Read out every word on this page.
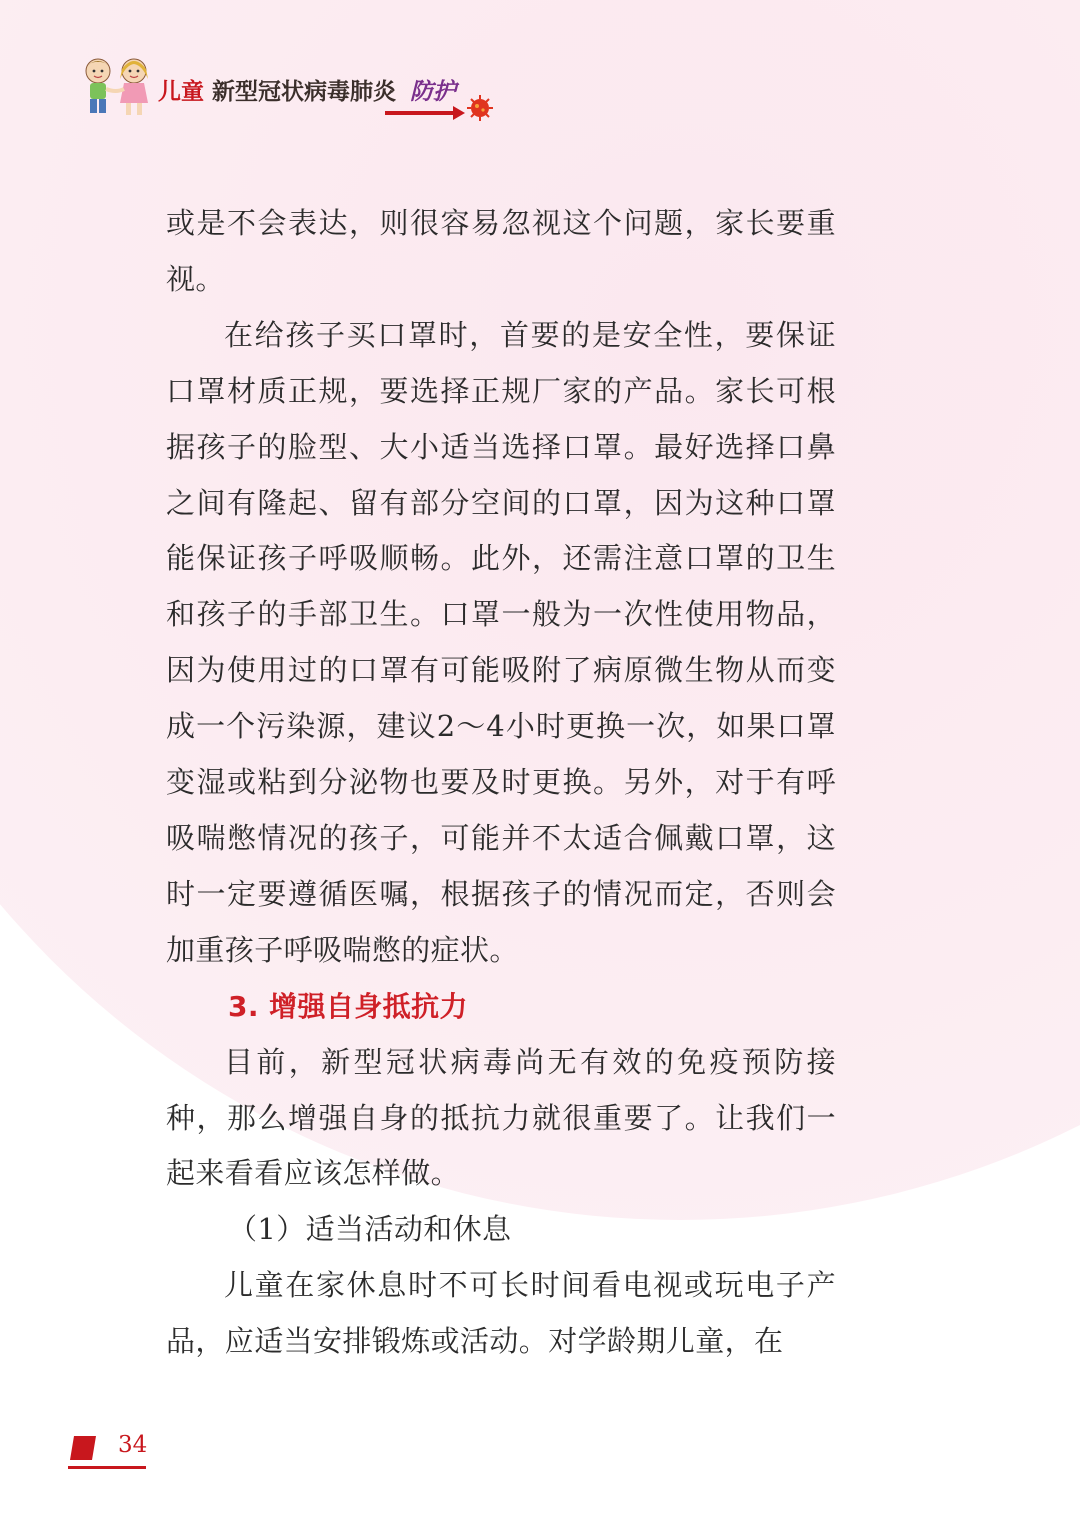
儿童 新型冠状病毒肺炎 防护

或是不会表达，则很容易忽视这个问题，家长要重视。

在给孩子买口罩时，首要的是安全性，要保证口罩材质正规，要选择正规厂家的产品。家长可根据孩子的脸型、大小适当选择口罩。最好选择口鼻之间有隆起、留有部分空间的口罩，因为这种口罩能保证孩子呼吸顺畅。此外，还需注意口罩的卫生和孩子的手部卫生。口罩一般为一次性使用物品，因为使用过的口罩有可能吸附了病原微生物从而变成一个污染源，建议2～4小时更换一次，如果口罩变湿或粘到分泌物也要及时更换。另外，对于有呼吸喘憋情况的孩子，可能并不太适合佩戴口罩，这时一定要遵循医嘱，根据孩子的情况而定，否则会加重孩子呼吸喘憋的症状。

3. 增强自身抵抗力

目前，新型冠状病毒尚无有效的免疫预防接种，那么增强自身的抵抗力就很重要了。让我们一起来看看应该怎样做。

（1）适当活动和休息

儿童在家休息时不可长时间看电视或玩电子产品，应适当安排锻炼或活动。对学龄期儿童，在

34
